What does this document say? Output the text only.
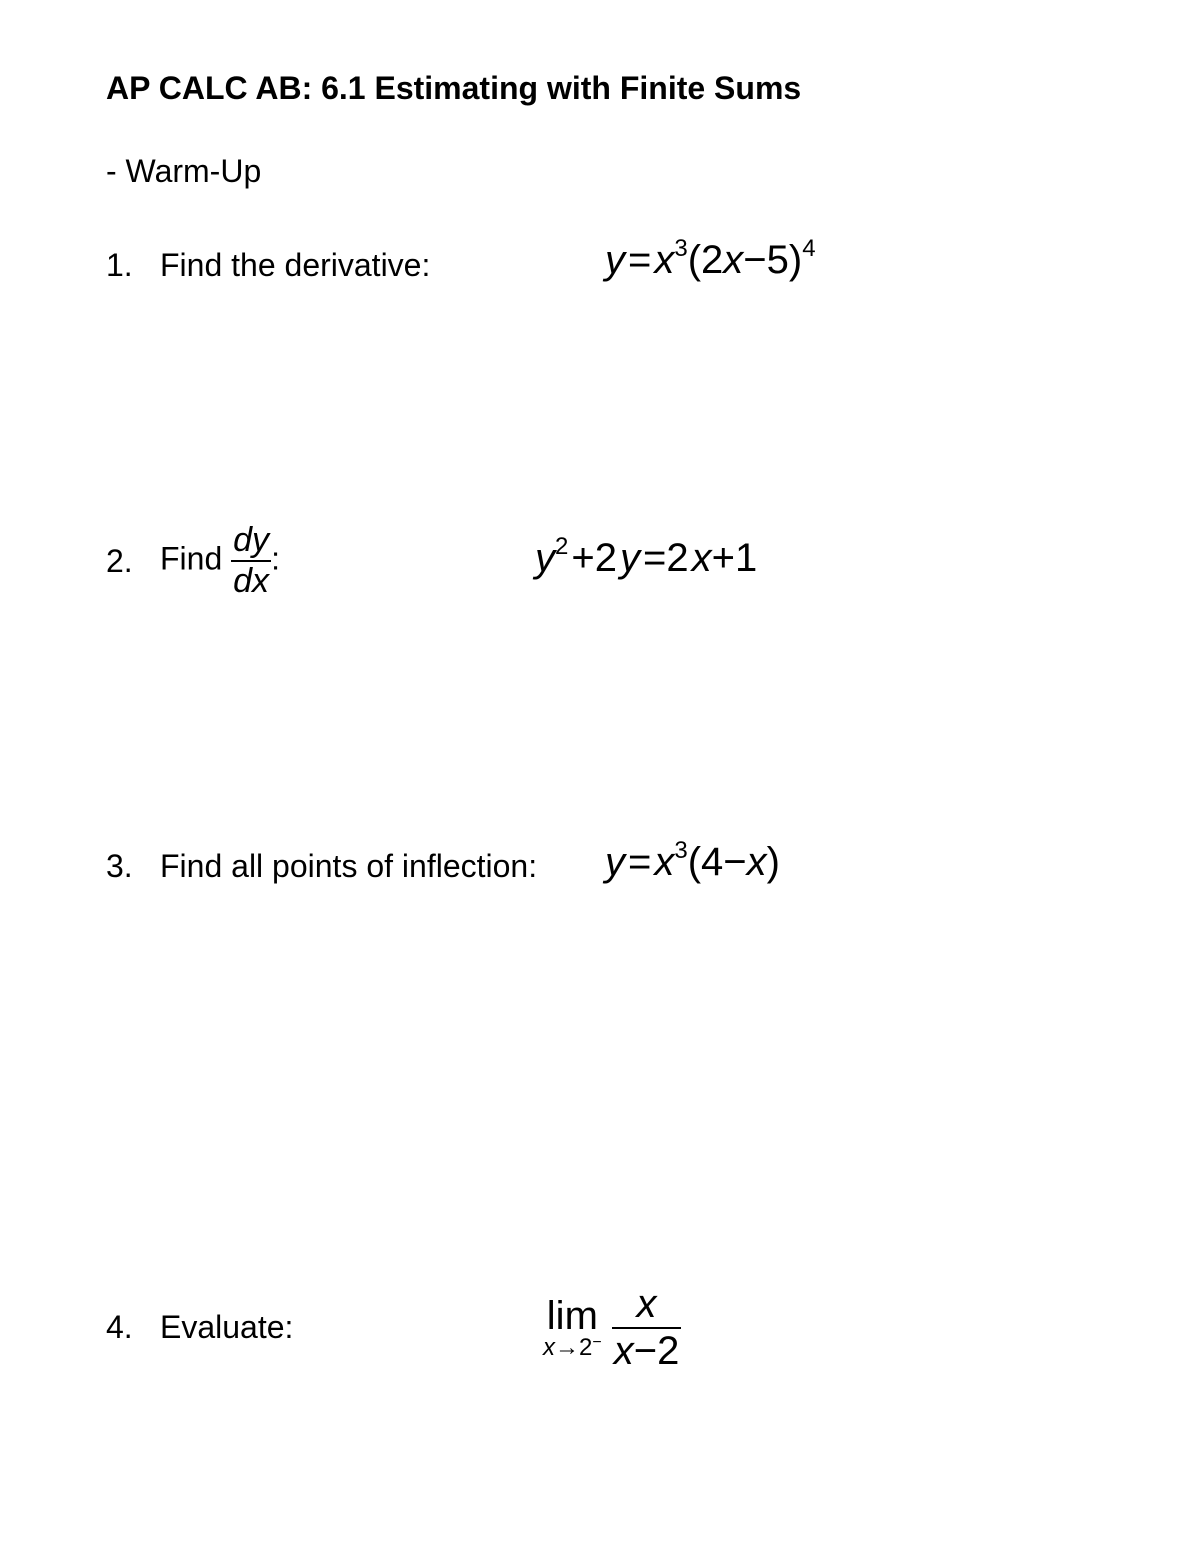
AP CALC AB: 6.1 Estimating with Finite Sums
- Warm-Up
1. Find the derivative:	$y=x^3(2x-5)^4$
2. Find $\frac{dy}{dx}$ :	$y^2+2y=2x+1$
3. Find all points of inflection: $y=x^3(4-x)$
4. Evaluate:	lim
$x\to 2^- \frac{x}{x-2}$
